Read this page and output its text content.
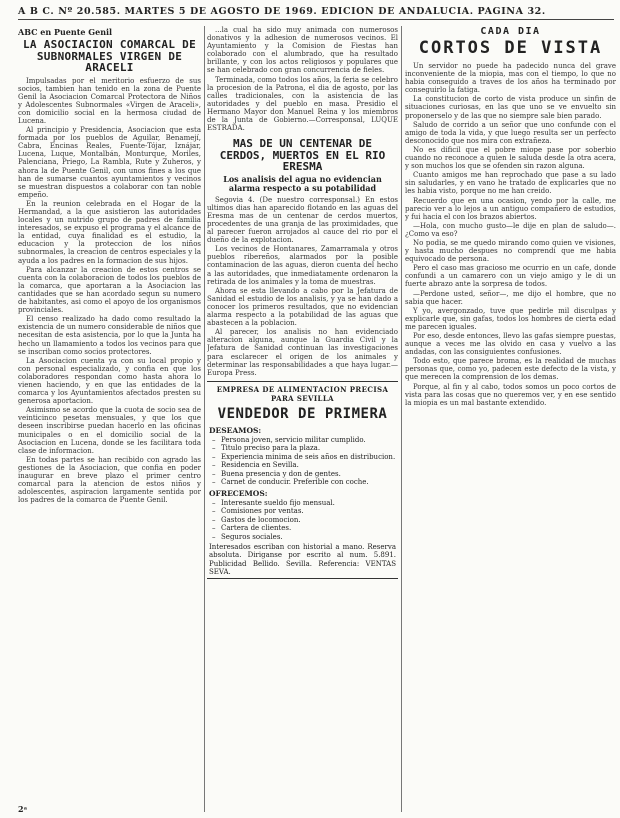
A B C. Nº 20.585. MARTES 5 DE AGOSTO DE 1969. EDICION DE ANDALUCIA. PAGINA 32.
ABC en Puente Genil
LA ASOCIACION COMARCAL DE SUBNORMALES VIRGEN DE ARACELI

Impulsadas por el meritorio esfuerzo de sus socios, tambien han tenido en la zona de Puente Genil la Asociacion Comarcal Protectora de Niños y Adolescentes Subnormales «Virgen de Araceli», con domicilio social en la hermosa ciudad de Lucena.

Al principio y Presidencia, Asociacion que esta formada por los pueblos de Aguilar, Benamejí, Cabra, Encinas Reales, Fuente-Tójar, Iznájar, Lucena, Luque, Montalbán, Monturque, Moriles, Palenciana, Priego, La Rambla, Rute y Zuheros, y ahora la de Puente Genil, con unos fines a los que han de sumarse cuantos ayuntamientos y vecinos se muestran dispuestos a colaborar con tan noble empeño.

En la reunion celebrada en el Hogar de la Hermandad, a la que asistieron las autoridades locales y un nutrido grupo de padres de familia interesados, se expuso el programa y el alcance de la entidad, cuya finalidad es el estudio, la educacion y la proteccion de los niños subnormales, la creacion de centros especiales y la ayuda a los padres en la formacion de sus hijos.

Para alcanzar la creacion de estos centros se cuenta con la colaboracion de todos los pueblos de la comarca, que aportaran a la Asociacion las cantidades que se han acordado segun su numero de habitantes, asi como el apoyo de los organismos provinciales.

El censo realizado ha dado como resultado la existencia de un numero considerable de niños que necesitan de esta asistencia, por lo que la Junta ha hecho un llamamiento a todos los vecinos para que se inscriban como socios protectores.

La Asociacion cuenta ya con su local propio y con personal especializado, y confia en que los colaboradores respondan como hasta ahora lo vienen haciendo, y en que las entidades de la comarca y los Ayuntamientos afectados presten su generosa aportacion.

Asimismo se acordo que la cuota de socio sea de veinticinco pesetas mensuales, y que los que deseen inscribirse puedan hacerlo en las oficinas municipales o en el domicilio social de la Asociacion en Lucena, donde se les facilitara toda clase de informacion.

En todas partes se han recibido con agrado las gestiones de la Asociacion, que confia en poder inaugurar en breve plazo el primer centro comarcal para la atencion de estos niños y adolescentes, aspiracion largamente sentida por los padres de la comarca de Puente Genil.

...la cual ha sido muy animada con numerosos donativos y la adhesion de numerosos vecinos. El Ayuntamiento y la Comision de Fiestas han colaborado con el alumbrado, que ha resultado brillante, y con los actos religiosos y populares que se han celebrado con gran concurrencia de fieles.

Terminada, como todos los años, la feria se celebro la procesion de la Patrona, el dia de agosto, por las calles tradicionales, con la asistencia de las autoridades y del pueblo en masa. Presidio el Hermano Mayor don Manuel Reina y los miembros de la Junta de Gobierno.—Corresponsal, LUQUE ESTRADA.

MAS DE UN CENTENAR DE CERDOS, MUERTOS EN EL RIO ERESMA
Los analisis del agua no evidencian alarma respecto a su potabilidad

Segovia 4. (De nuestro corresponsal.) En estos ultimos dias han aparecido flotando en las aguas del Eresma mas de un centenar de cerdos muertos, procedentes de una granja de las proximidades, que al parecer fueron arrojados al cauce del rio por el dueño de la explotacion.

Los vecinos de Hontanares, Zamarramala y otros pueblos ribereños, alarmados por la posible contaminacion de las aguas, dieron cuenta del hecho a las autoridades, que inmediatamente ordenaron la retirada de los animales y la toma de muestras.

Ahora se esta llevando a cabo por la Jefatura de Sanidad el estudio de los analisis, y ya se han dado a conocer los primeros resultados, que no evidencian alarma respecto a la potabilidad de las aguas que abastecen a la poblacion.

Al parecer, los analisis no han evidenciado alteracion alguna, aunque la Guardia Civil y la Jefatura de Sanidad continuan las investigaciones para esclarecer el origen de los animales y determinar las responsabilidades a que haya lugar.—Europa Press.

EMPRESA DE ALIMENTACION PRECISA PARA SEVILLA
VENDEDOR DE PRIMERA
DESEAMOS:
– Persona joven, servicio militar cumplido.
– Titulo preciso para la plaza.
– Experiencia minima de seis años en distribucion.
– Residencia en Sevilla.
– Buena presencia y don de gentes.
– Carnet de conducir. Preferible con coche.
OFRECEMOS:
– Interesante sueldo fijo mensual.
– Comisiones por ventas.
– Gastos de locomocion.
– Cartera de clientes.
– Seguros sociales.
Interesados escriban con historial a mano. Reserva absoluta. Diriganse por escrito al num. 5.891. Publicidad Bellido. Sevilla. Referencia: VENTAS SEVA.
CADA DIA
CORTOS DE VISTA

Un servidor no puede ha padecido nunca del grave inconveniente de la miopia, mas con el tiempo, lo que no habia conseguido a traves de los años ha terminado por conseguirlo la fatiga.

La constitucion de corto de vista produce un sinfin de situaciones curiosas, en las que uno se ve envuelto sin proponerselo y de las que no siempre sale bien parado.

Saludo de corrido a un señor que uno confunde con el amigo de toda la vida, y que luego resulta ser un perfecto desconocido que nos mira con extrañeza.

No es dificil que el pobre miope pase por soberbio cuando no reconoce a quien le saluda desde la otra acera, y son muchos los que se ofenden sin razon alguna.

Cuanto amigos me han reprochado que pase a su lado sin saludarles, y en vano he tratado de explicarles que no les habia visto, porque no me han creido.

Recuerdo que en una ocasion, yendo por la calle, me parecio ver a lo lejos a un antiguo compañero de estudios, y fui hacia el con los brazos abiertos.

—Hola, con mucho gusto—le dije en plan de saludo—. ¿Como va eso?

No podia, se me quedo mirando como quien ve visiones, y hasta mucho despues no comprendi que me habia equivocado de persona.

Pero el caso mas gracioso me ocurrio en un cafe, donde confundi a un camarero con un viejo amigo y le di un fuerte abrazo ante la sorpresa de todos.

—Perdone usted, señor—, me dijo el hombre, que no sabia que hacer.

Y yo, avergonzado, tuve que pedirle mil disculpas y explicarle que, sin gafas, todos los hombres de cierta edad me parecen iguales.

Por eso, desde entonces, llevo las gafas siempre puestas, aunque a veces me las olvido en casa y vuelvo a las andadas, con las consiguientes confusiones.

Todo esto, que parece broma, es la realidad de muchas personas que, como yo, padecen este defecto de la vista, y que merecen la comprension de los demas.

Porque, al fin y al cabo, todos somos un poco cortos de vista para las cosas que no queremos ver, y en ese sentido la miopia es un mal bastante extendido.

2ᵃ
